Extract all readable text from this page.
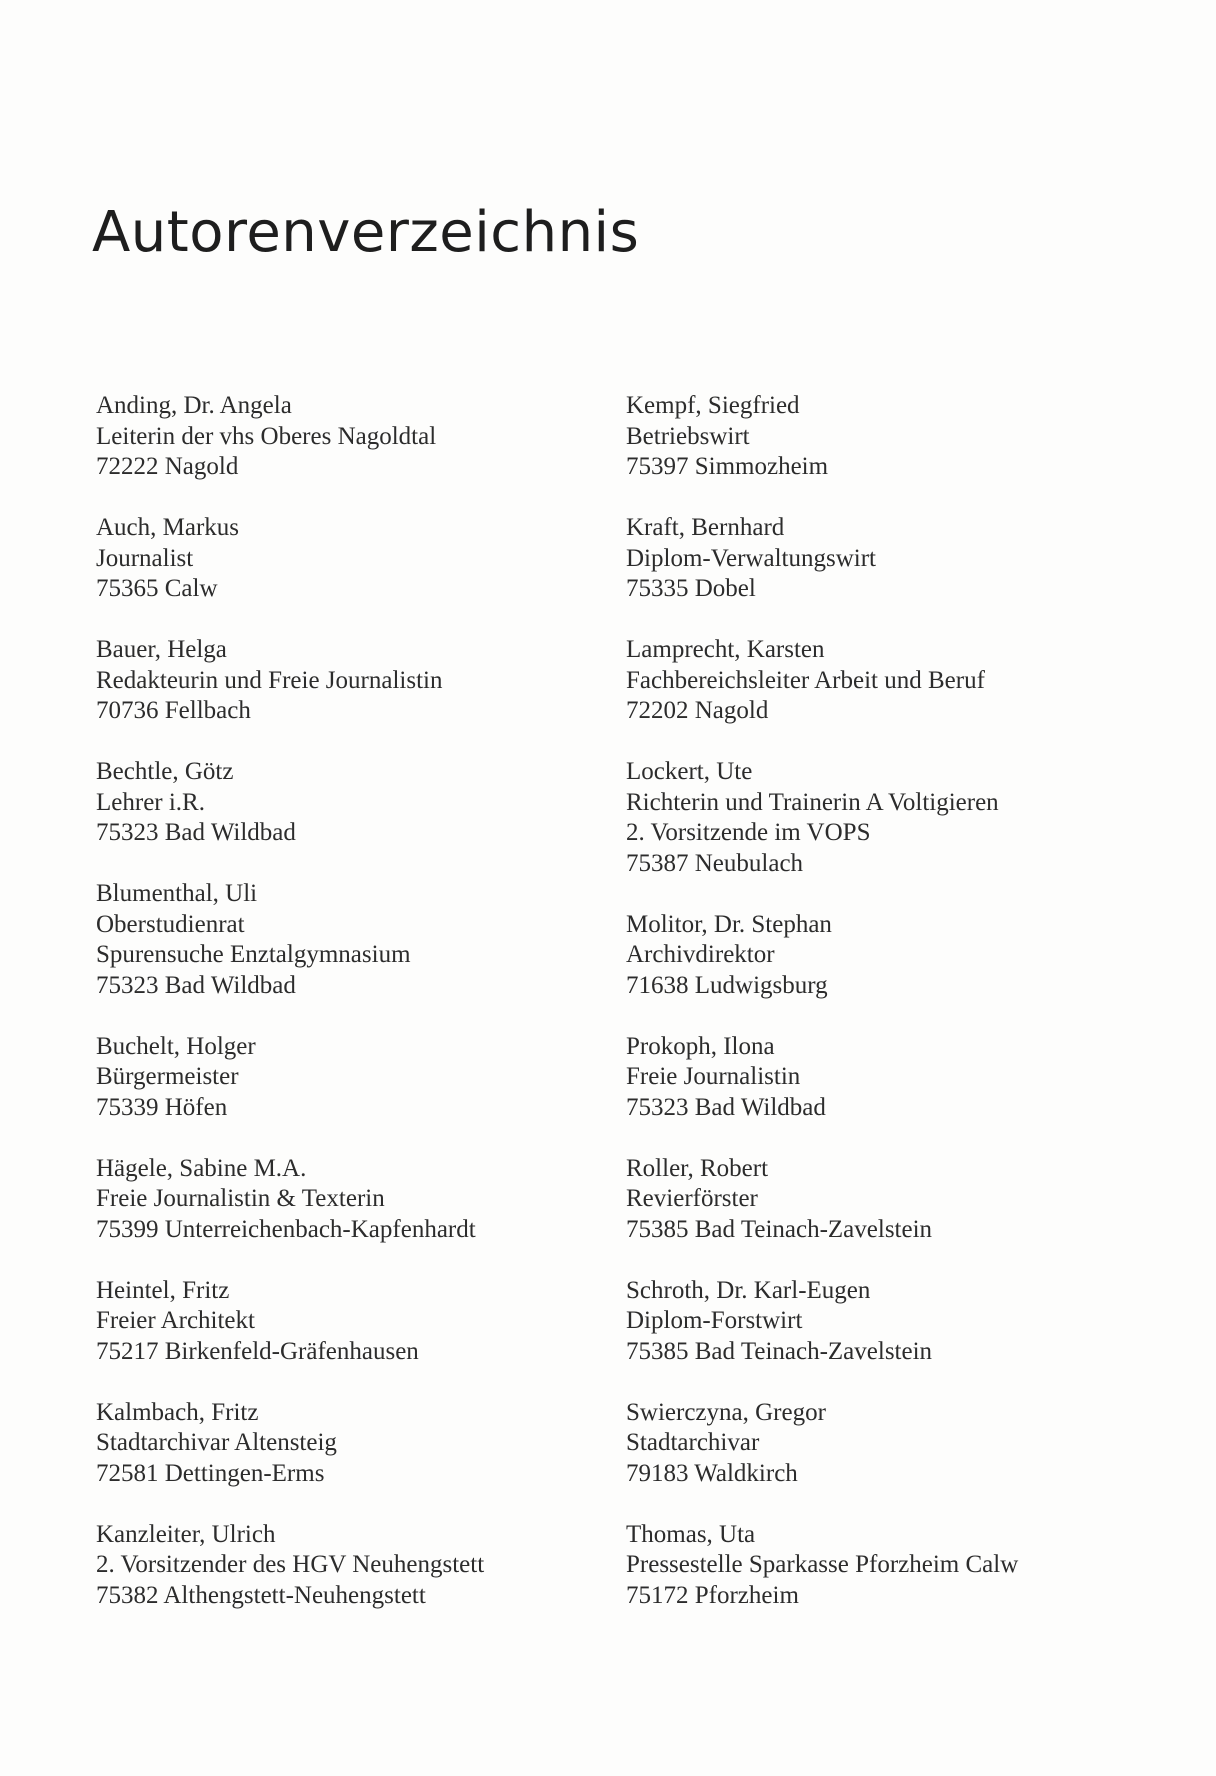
Autorenverzeichnis
Anding, Dr. Angela
Leiterin der vhs Oberes Nagoldtal
72222 Nagold
Auch, Markus
Journalist
75365 Calw
Bauer, Helga
Redakteurin und Freie Journalistin
70736 Fellbach
Bechtle, Götz
Lehrer i.R.
75323 Bad Wildbad
Blumenthal, Uli
Oberstudienrat
Spurensuche Enztalgymnasium
75323 Bad Wildbad
Buchelt, Holger
Bürgermeister
75339 Höfen
Hägele, Sabine M.A.
Freie Journalistin & Texterin
75399 Unterreichenbach-Kapfenhardt
Heintel, Fritz
Freier Architekt
75217 Birkenfeld-Gräfenhausen
Kalmbach, Fritz
Stadtarchivar Altensteig
72581 Dettingen-Erms
Kanzleiter, Ulrich
2. Vorsitzender des HGV Neuhengstett
75382 Althengstett-Neuhengstett
Kempf, Siegfried
Betriebswirt
75397 Simmozheim
Kraft, Bernhard
Diplom-Verwaltungswirt
75335 Dobel
Lamprecht, Karsten
Fachbereichsleiter Arbeit und Beruf
72202 Nagold
Lockert, Ute
Richterin und Trainerin A Voltigieren
2. Vorsitzende im VOPS
75387 Neubulach
Molitor, Dr. Stephan
Archivdirektor
71638 Ludwigsburg
Prokoph, Ilona
Freie Journalistin
75323 Bad Wildbad
Roller, Robert
Revierförster
75385 Bad Teinach-Zavelstein
Schroth, Dr. Karl-Eugen
Diplom-Forstwirt
75385 Bad Teinach-Zavelstein
Swierczyna, Gregor
Stadtarchivar
79183 Waldkirch
Thomas, Uta
Pressestelle Sparkasse Pforzheim Calw
75172 Pforzheim
